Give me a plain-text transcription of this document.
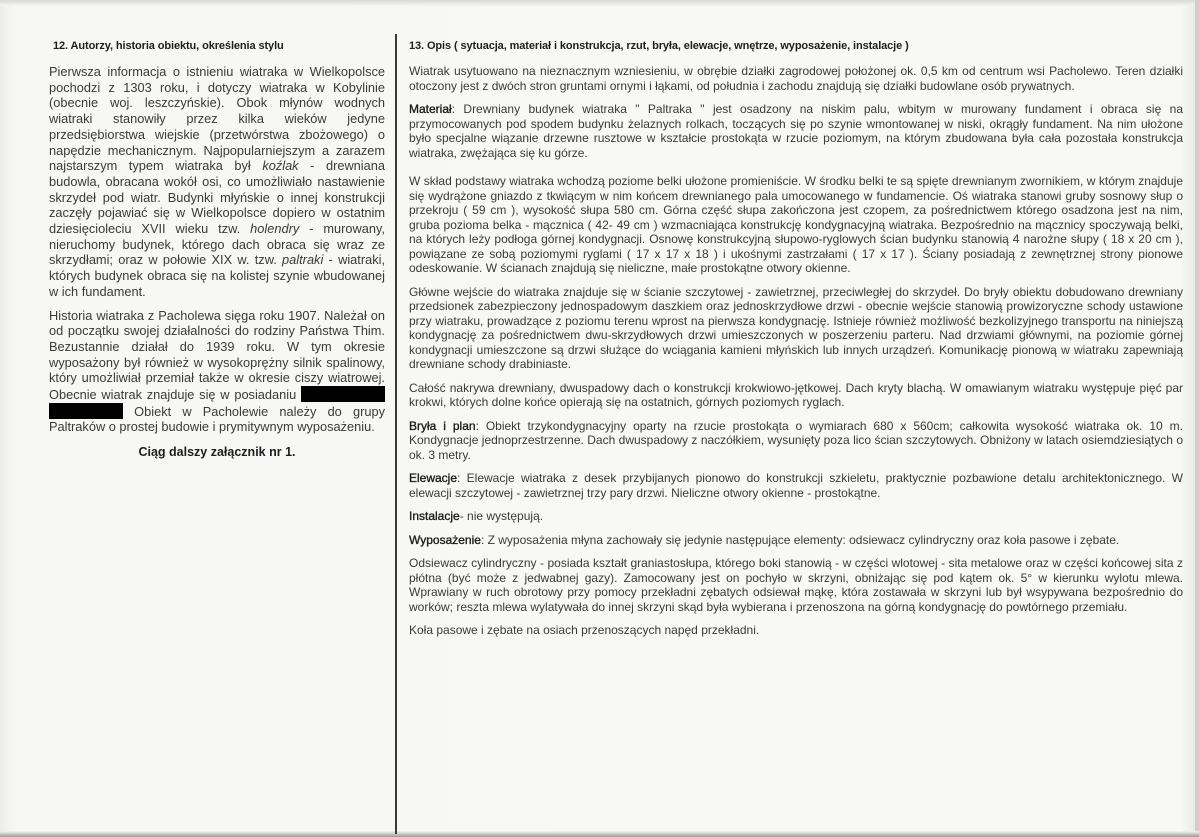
12. Autorzy, historia obiektu, określenia stylu

Pierwsza informacja o istnieniu wiatraka w Wielkopolsce pochodzi z 1303 roku, i dotyczy wiatraka w Kobylinie (obecnie woj. leszczyńskie). Obok młynów wodnych wiatraki stanowiły przez kilka wieków jedyne przedsiębiorstwa wiejskie (przetwórstwa zbożowego) o napędzie mechanicznym. Najpopularniejszym a zarazem najstarszym typem wiatraka był koźlak - drewniana budowla, obracana wokół osi, co umożliwiało nastawienie skrzydeł pod wiatr. Budynki młyńskie o innej konstrukcji zaczęły pojawiać się w Wielkopolsce dopiero w ostatnim dziesięcioleciu XVII wieku tzw. holendry - murowany, nieruchomy budynek, którego dach obraca się wraz ze skrzydłami; oraz w połowie XIX w. tzw. paltraki - wiatraki, których budynek obraca się na kolistej szynie wbudowanej w ich fundament.

Historia wiatraka z Pacholewa sięga roku 1907. Należał on od początku swojej działalności do rodziny Państwa Thim. Bezustannie działał do 1939 roku. W tym okresie wyposażony był również w wysokoprężny silnik spalinowy, który umożliwiał przemiał także w okresie ciszy wiatrowej. Obecnie wiatrak znajduje się w posiadaniu   Obiekt w Pacholewie należy do grupy Paltraków o prostej budowie i prymitywnym wyposażeniu.

Ciąg dalszy załącznik nr 1.
13. Opis ( sytuacja, materiał i konstrukcja, rzut, bryła, elewacje, wnętrze, wyposażenie, instalacje )

Wiatrak usytuowano na nieznacznym wzniesieniu, w obrębie działki zagrodowej położonej ok. 0,5 km od centrum wsi Pacholewo. Teren działki otoczony jest z dwóch stron gruntami ornymi i łąkami, od południa i zachodu znajdują się działki budowlane osób prywatnych.

Materiał: Drewniany budynek wiatraka " Paltraka " jest osadzony na niskim palu, wbitym w murowany fundament i obraca się na przymocowanych pod spodem budynku żelaznych rolkach, toczących się po szynie wmontowanej w niski, okrągły fundament. Na nim ułożone było specjalne wiązanie drzewne rusztowe w kształcie prostokąta w rzucie poziomym, na którym zbudowana była cała pozostała konstrukcja wiatraka, zwężająca się ku górze.

W skład podstawy wiatraka wchodzą poziome belki ułożone promieniście. W środku belki te są spięte drewnianym zwornikiem, w którym znajduje się wydrążone gniazdo z tkwiącym w nim końcem drewnianego pala umocowanego w fundamencie. Oś wiatraka stanowi gruby sosnowy słup o przekroju ( 59 cm ), wysokość słupa 580 cm. Górna część słupa zakończona jest czopem, za pośrednictwem którego osadzona jest na nim, gruba pozioma belka - mącznica ( 42- 49 cm ) wzmacniająca konstrukcję kondygnacyjną wiatraka. Bezpośrednio na mącznicy spoczywają belki, na których leży podłoga górnej kondygnacji. Osnowę konstrukcyjną słupowo-ryglowych ścian budynku stanowią 4 narożne słupy ( 18 x 20 cm ), powiązane ze sobą poziomymi ryglami ( 17 x 17 x 18 ) i ukośnymi zastrzałami ( 17 x 17 ). Ściany posiadają z zewnętrznej strony pionowe odeskowanie. W ścianach znajdują się nieliczne, małe prostokątne otwory okienne.

Główne wejście do wiatraka znajduje się w ścianie szczytowej - zawietrznej, przeciwległej do skrzydeł. Do bryły obiektu dobudowano drewniany przedsionek zabezpieczony jednospadowym daszkiem oraz jednoskrzydłowe drzwi - obecnie wejście stanowią prowizoryczne schody ustawione przy wiatraku, prowadzące z poziomu terenu wprost na pierwsza kondygnację. Istnieje również możliwość bezkolizyjnego transportu na niniejszą kondygnację za pośrednictwem dwu-skrzydłowych drzwi umieszczonych w poszerzeniu parteru. Nad drzwiami głównymi, na poziomie górnej kondygnacji umieszczone są drzwi służące do wciągania kamieni młyńskich lub innych urządzeń. Komunikację pionową w wiatraku zapewniają drewniane schody drabiniaste.

Całość nakrywa drewniany, dwuspadowy dach o konstrukcji krokwiowo-jętkowej. Dach kryty blachą. W omawianym wiatraku występuje pięć par krokwi, których dolne końce opierają się na ostatnich, górnych poziomych ryglach.

Bryła i plan: Obiekt trzykondygnacyjny oparty na rzucie prostokąta o wymiarach 680 x 560cm; całkowita wysokość wiatraka ok. 10 m. Kondygnacje jednoprzestrzenne. Dach dwuspadowy z naczółkiem, wysunięty poza lico ścian szczytowych. Obniżony w latach osiemdziesiątych o ok. 3 metry.

Elewacje: Elewacje wiatraka z desek przybijanych pionowo do konstrukcji szkieletu, praktycznie pozbawione detalu architektonicznego. W elewacji szczytowej - zawietrznej trzy pary drzwi. Nieliczne otwory okienne - prostokątne.

Instalacje- nie występują.

Wyposażenie: Z wyposażenia młyna zachowały się jedynie następujące elementy: odsiewacz cylindryczny oraz koła pasowe i zębate.

Odsiewacz cylindryczny - posiada kształt graniastosłupa, którego boki stanowią - w części wlotowej - sita metalowe oraz w części końcowej sita z płótna (być może z jedwabnej gazy). Zamocowany jest on pochyło w skrzyni, obniżając się pod kątem ok. 5° w kierunku wylotu mlewa. Wprawiany w ruch obrotowy przy pomocy przekładni zębatych odsiewał mąkę, która zostawała w skrzyni lub był wsypywana bezpośrednio do worków; reszta mlewa wylatywała do innej skrzyni skąd była wybierana i przenoszona na górną kondygnację do powtórnego przemiału.

Koła pasowe i zębate na osiach przenoszących napęd przekładni.
